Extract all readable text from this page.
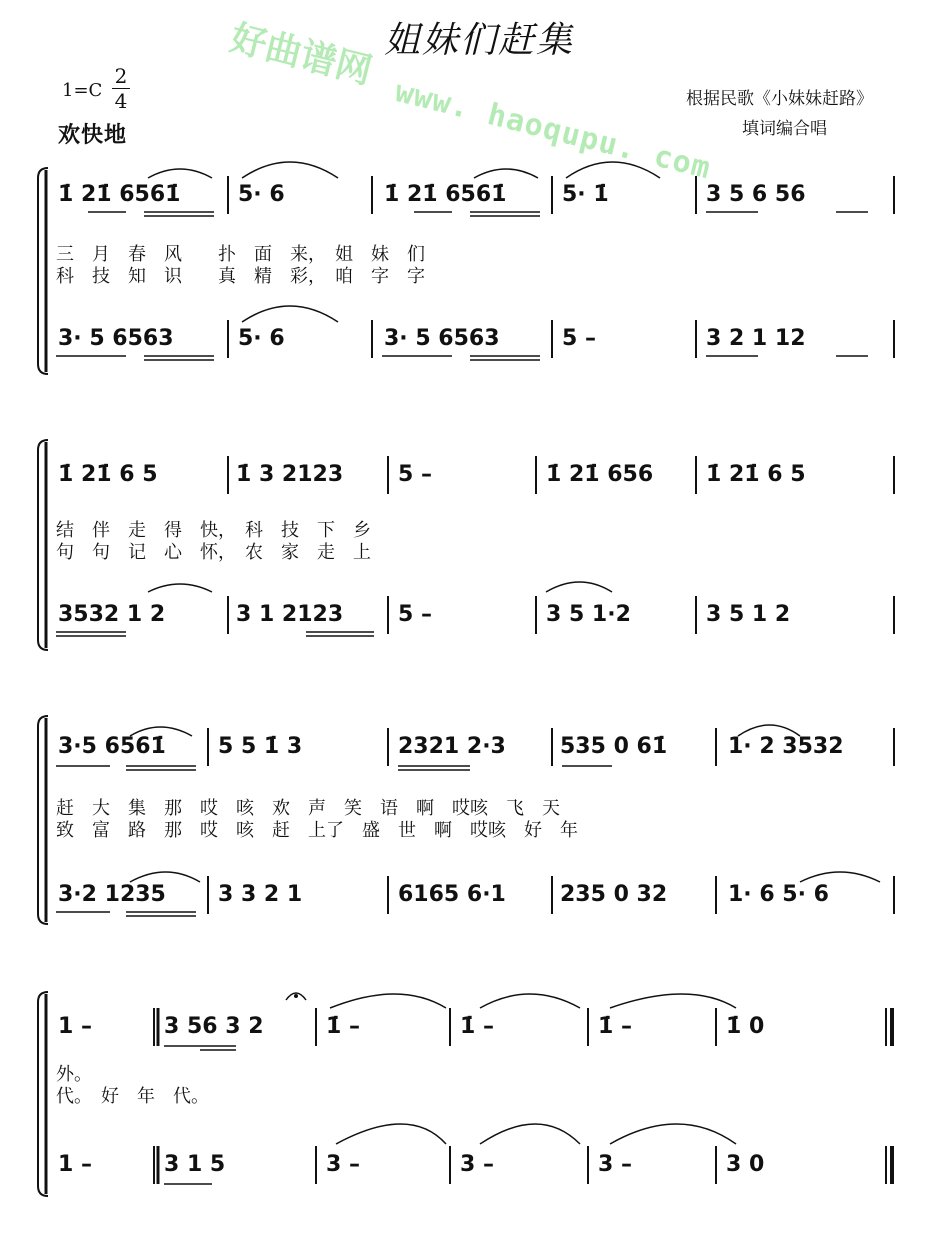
好曲谱网
www. haoqupu. com
姐妹们赶集
1=C
2
4
欢快地
根据民歌《小妹妹赶路》
填词编合唱
1̇ 21̇ 6561̇	5· 6	1̇ 21̇ 6561̇	5· 1̇	3 5 6 56
三　月　春　风　　扑　面　来，　姐　妹　们
科　技　知　识　　真　精　彩，　咱　字　字
3· 5 6563	5· 6	3· 5 6563	5 –	3 2 1 12
1̇ 21̇ 6 5	1̇ 3 2123 5 –	1̇ 21̇ 656 1̇ 21̇ 6 5
结　伴　走　得　快，　科　技　下　乡
句　句　记　心　怀，　农　家　走　上
3532 1 2	3 1 2123 5 –	3 5 1·2	3 5 1 2
3·5 6561̇ 5 5 1̇ 3	2321 2·3 535 0 61̇	1· 2 3532
赶　大　集　那　哎　咳　欢　声　笑　语　啊　哎咳　飞　天
致　富　路　那　哎　咳　赶　上了　盛　世　啊　哎咳　好　年
3·2 1235 3 3 2 1	6165 6·1 235 0 32	1· 6 5· 6
1 –	3 56 3 2	1̇ –	1̇ –	1̇ –	1̇ 0
外。
代。　好　年　代。
1 –	3 1 5	3 –	3 –	3 –	3 0
